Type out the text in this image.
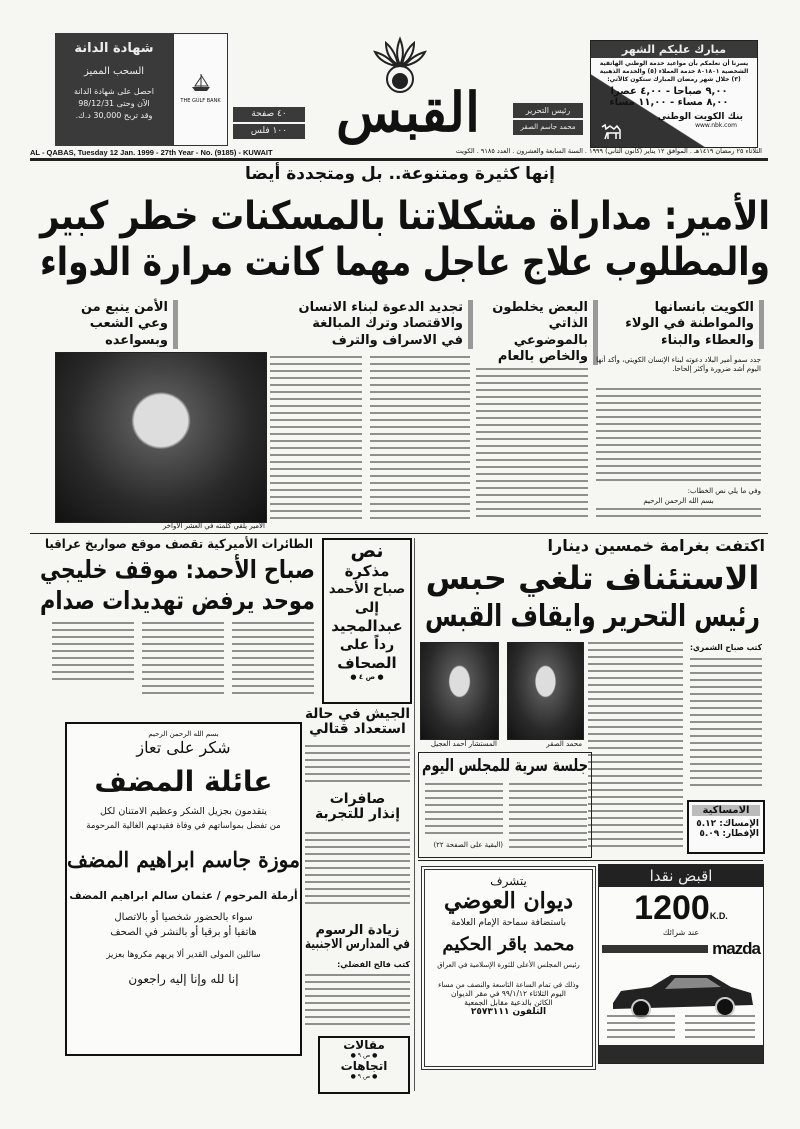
شهادة الدانة
السحب المميز
احصل على شهادة الدانة
الآن وحتى 98/12/31
وقد تربح 30,000 د.ك.
THE GULF BANK
٤٠ صفحة
١٠٠ فلس القبس	رئيس التحرير
محمد جاسم الصقر
مبارك عليكم الشهر
يسرنا أن نعلمكم بأن مواعيد خدمة الوطني الهاتفية الشخصية ٨٠١٨٠١ خدمة العملاء (٥) والخدمة الذهبية (٣) خلال شهر رمضان المبارك ستكون كالآتي:
٩,٠٠ صباحا - ٤,٠٠ عصرا
٨,٠٠ مساء - ١١,٠٠ مساء
بنك الكويت الوطني
www.nbk.com
AL - QABAS, Tuesday 12 Jan. 1999 - 27th Year - No. (9185) - KUWAIT	الثلاثاء ٢٥ رمضان ١٤١٩هـ . الموافق ١٢ يناير (كانون الثاني) ١٩٩٩ . السنة السابعة والعشرون . العدد ٩١٨٥ . الكويت
إنها كثيرة ومتنوعة.. بل ومتجددة أيضا
الأمير: مداراة مشكلاتنا بالمسكنات خطر كبير
والمطلوب علاج عاجل مهما كانت مرارة الدواء
الكويت بانسانها والمواطنة في الولاء والعطاء والبناء
البعض يخلطون الذاتي بالموضوعي والخاص بالعام
تجديد الدعوة لبناء الانسان والاقتصاد وترك المبالغة في الاسراف والترف
الأمن ينبع من وعي الشعب وبسواعده
جدد سمو أمير البلاد دعوته لبناء الإنسان الكويتي، وأكد أنها اليوم أشد ضرورة وأكثر إلحاحا.
وفي ما يلي نص الخطاب:
بسم الله الرحمن الرحيم
الأمير يلقي كلمته في العشر الأواخر
اكتفت بغرامة خمسين دينارا
الاستئناف تلغي حبس
رئيس التحرير وايقاف القبس
المستشار أحمد العجيل	محمد الصقر
كتب صباح الشمري:
الامساكية
الإمساك: ٥.١٢
الإفطار: ٥.٠٩
جلسة سرية للمجلس اليوم
(البقية على الصفحة ٢٢)
نص
مذكرة
صباح الأحمد
إلى
عبدالمجيد
رداً على
الصحاف
● ص ٤ ●
الجيش في حالة
استعداد قتالي
صافرات
إنذار للتجربة
زيادة الرسوم
في المدارس الاجنبية
كتب فالح الفضلي:
مقالات
● ص ٩ ●
اتجاهات
● ص ٩ ●
الطائرات الأميركية تقصف موقع صواريخ عراقيا
صباح الأحمد: موقف خليجي
موحد يرفض تهديدات صدام
بسم الله الرحمن الرحيم
شكر على تعاز
عائلة المضف
يتقدمون بجزيل الشكر وعظيم الامتنان لكل
من تفضل بمواساتهم في وفاة فقيدتهم الغالية المرحومة
موزة جاسم ابراهيم المضف
أرملة المرحوم / عثمان سالم ابراهيم المضف
سواء بالحضور شخصيا أو بالاتصال
هاتفيا أو برقيا أو بالنشر في الصحف
سائلين المولى القدير ألا يريهم مكروها بعزيز
إنا لله وإنا إليه راجعون
يتشرف
ديوان العوضي
باستضافة سماحة الإمام العلامة
محمد باقر الحكيم
رئيس المجلس الأعلى للثورة الإسلامية في العراق
وذلك في تمام الساعة التاسعة والنصف من مساء
اليوم الثلاثاء ٩٩/١/١٢ في مقر الديوان
الكائن بالدعية مقابل الجمعية
التلفون ٢٥٧٣١١١
اقبض نقدا
1200K.D.
عند شرائك
mazda
